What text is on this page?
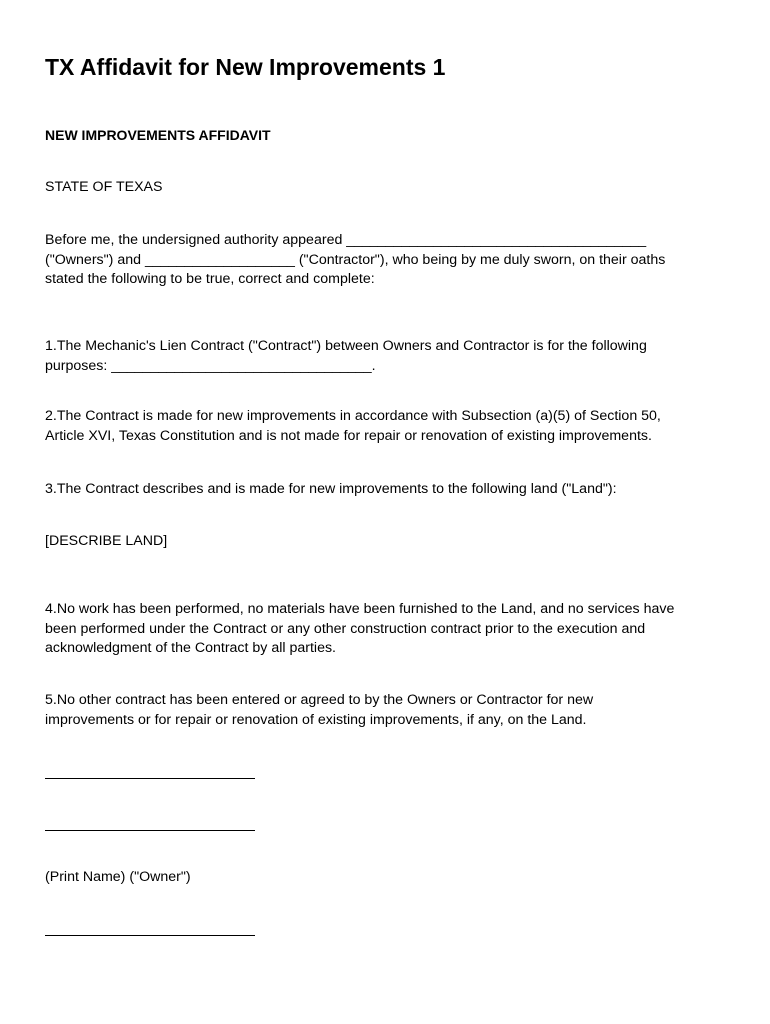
TX Affidavit for New Improvements 1
NEW IMPROVEMENTS AFFIDAVIT
STATE OF TEXAS
Before me, the undersigned authority appeared ______________________________________
("Owners") and ___________________ ("Contractor"), who being by me duly sworn, on their oaths
stated the following to be true, correct and complete:
1.The Mechanic's Lien Contract ("Contract") between Owners and Contractor is for the following
purposes: _________________________________.
2.The Contract is made for new improvements in accordance with Subsection (a)(5) of Section 50,
Article XVI, Texas Constitution and is not made for repair or renovation of existing improvements.
3.The Contract describes and is made for new improvements to the following land ("Land"):
[DESCRIBE LAND]
4.No work has been performed, no materials have been furnished to the Land, and no services have
been performed under the Contract or any other construction contract prior to the execution and
acknowledgment of the Contract by all parties.
5.No other contract has been entered or agreed to by the Owners or Contractor for new
improvements or for repair or renovation of existing improvements, if any, on the Land.
(Print Name) ("Owner")
